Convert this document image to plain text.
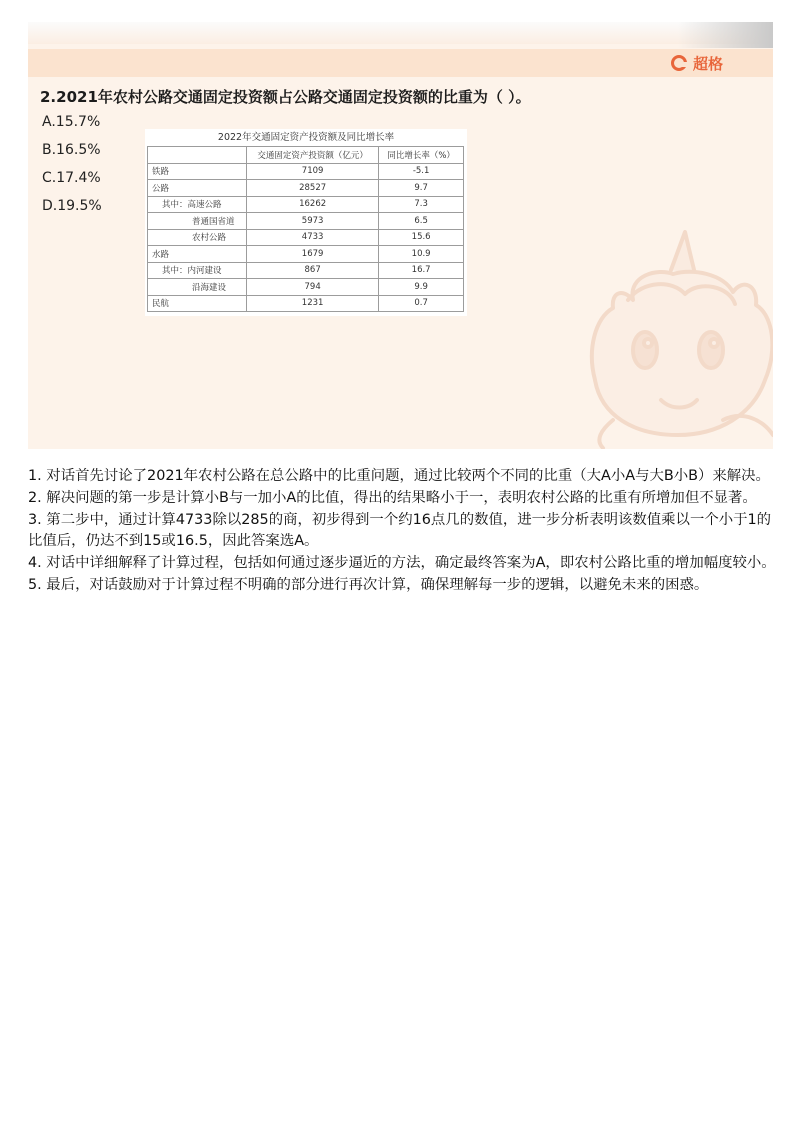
超格
2.2021年农村公路交通固定投资额占公路交通固定投资额的比重为（ ）。
A.15.7%
B.16.5%
C.17.4%
D.19.5%
2022年交通固定资产投资额及同比增长率
	交通固定资产投资额（亿元）	同比增长率（%）
铁路	7109	-5.1
公路	28527	9.7
其中：高速公路	16262	7.3
普通国省道	5973	6.5
农村公路	4733	15.6
水路	1679	10.9
其中：内河建设	867	16.7
沿海建设	794	9.9
民航	1231	0.7

1. 对话首先讨论了2021年农村公路在总公路中的比重问题，通过比较两个不同的比重（大A小A与大B小B）来解决。

2. 解决问题的第一步是计算小B与一加小A的比值，得出的结果略小于一，表明农村公路的比重有所增加但不显著。

3. 第二步中，通过计算4733除以285的商，初步得到一个约16点几的数值，进一步分析表明该数值乘以一个小于1的比值后，仍达不到15或16.5，因此答案选A。

4. 对话中详细解释了计算过程，包括如何通过逐步逼近的方法，确定最终答案为A，即农村公路比重的增加幅度较小。

5. 最后，对话鼓励对于计算过程不明确的部分进行再次计算，确保理解每一步的逻辑，以避免未来的困惑。
